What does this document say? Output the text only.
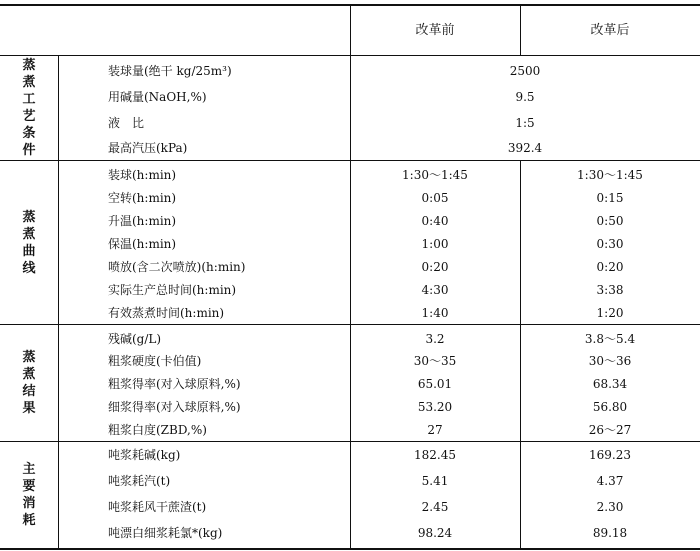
改革前	改革后
蒸
煮
工
艺
条
件
装球量(绝干 kg/25m³)	2500
用碱量(NaOH,%)	9.5
液　比	1:5
最高汽压(kPa)	392.4
蒸
煮
曲
线
装球(h:min)	1:30～1:45	1:30～1:45
空转(h:min)	0:05	0:15
升温(h:min)	0:40	0:50
保温(h:min)	1:00	0:30
喷放(含二次喷放)(h:min)	0:20	0:20
实际生产总时间(h:min)	4:30	3:38
有效蒸煮时间(h:min)	1:40	1:20
蒸
煮
结
果
残碱(g/L)	3.2	3.8～5.4
粗浆硬度(卡伯值)	30～35	30～36
粗浆得率(对入球原料,%)	65.01	68.34
细浆得率(对入球原料,%)	53.20	56.80
粗浆白度(ZBD,%)	27	26～27
主
要
消
耗
吨浆耗碱(kg)	182.45	169.23
吨浆耗汽(t)	5.41	4.37
吨浆耗风干蔗渣(t)	2.45	2.30
吨漂白细浆耗氯*(kg)	98.24	89.18
